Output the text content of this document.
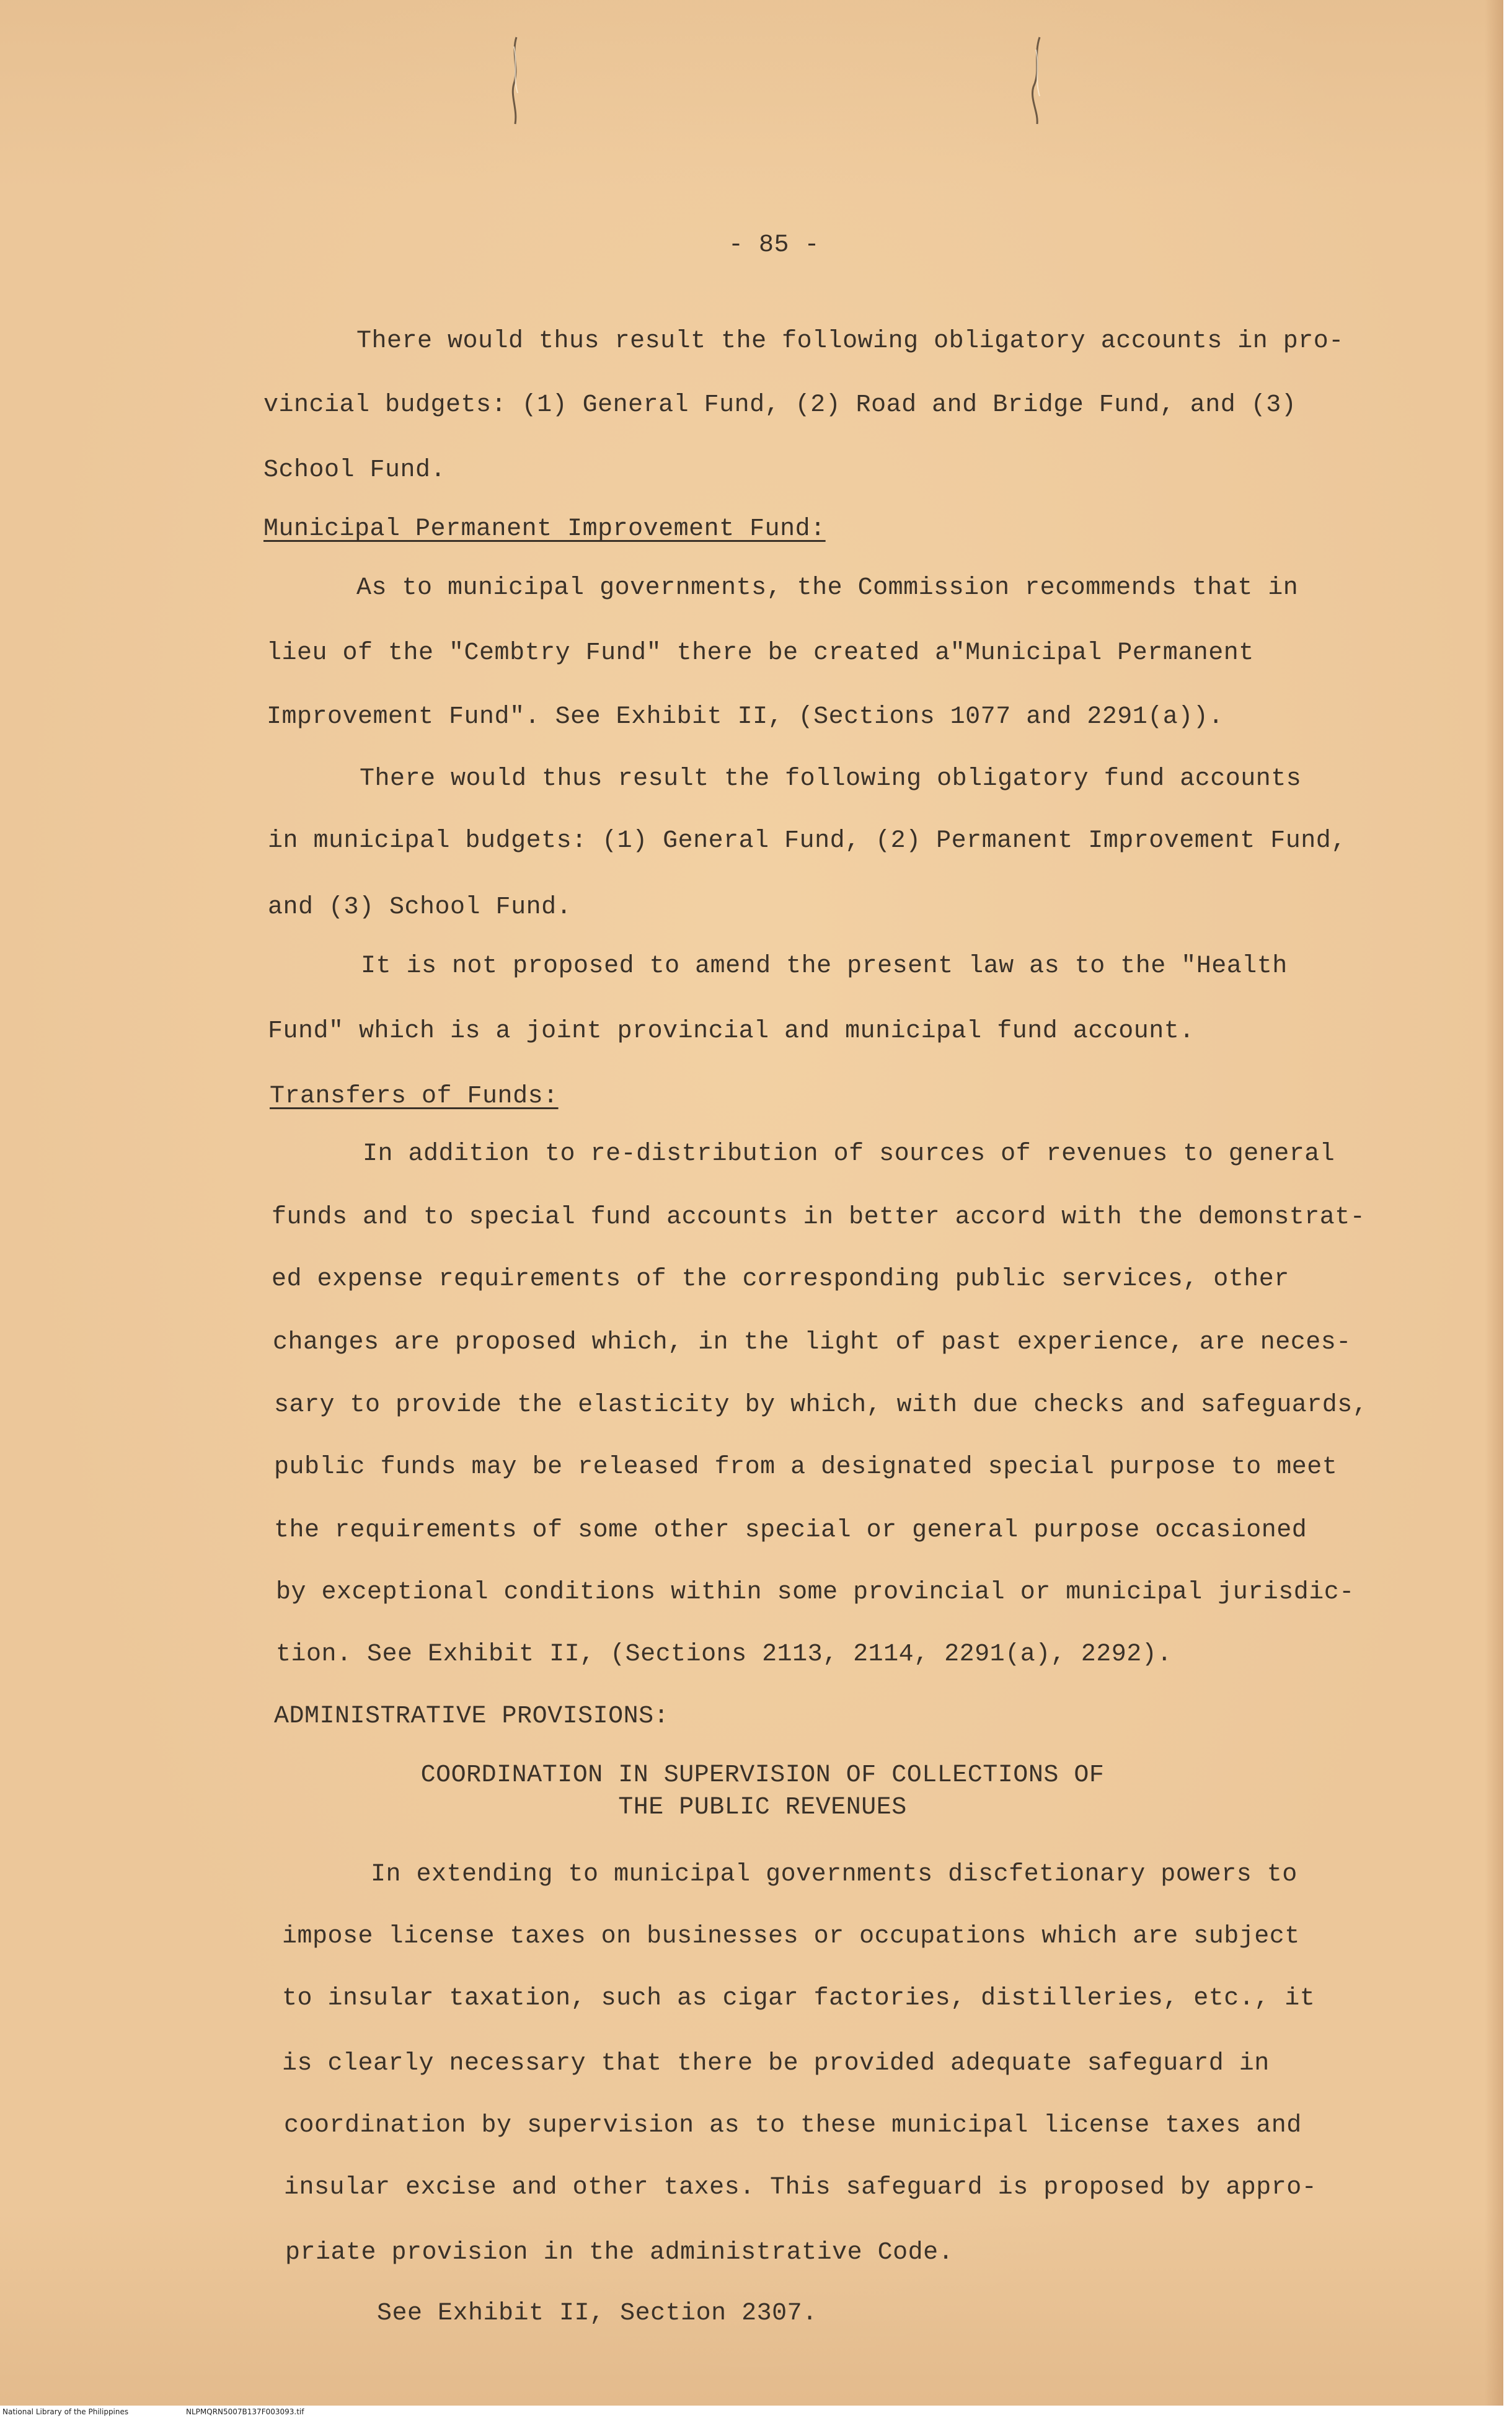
- 85 -
There would thus result the following obligatory accounts in pro-
vincial budgets: (1) General Fund, (2) Road and Bridge Fund, and (3)
School Fund.
Municipal Permanent Improvement Fund:
As to municipal governments, the Commission recommends that in
lieu of the "Cembtry Fund" there be created a"Municipal Permanent
Improvement Fund". See Exhibit II, (Sections 1077 and 2291(a)).
There would thus result the following obligatory fund accounts
in municipal budgets: (1) General Fund, (2) Permanent Improvement Fund,
and (3) School Fund.
It is not proposed to amend the present law as to the "Health
Fund" which is a joint provincial and municipal fund account.
Transfers of Funds:
In addition to re-distribution of sources of revenues to general
funds and to special fund accounts in better accord with the demonstrat-
ed expense requirements of the corresponding public services, other
changes are proposed which, in the light of past experience, are neces-
sary to provide the elasticity by which, with due checks and safeguards,
public funds may be released from a designated special purpose to meet
the requirements of some other special or general purpose occasioned
by exceptional conditions within some provincial or municipal jurisdic-
tion. See Exhibit II, (Sections 2113, 2114, 2291(a), 2292).
ADMINISTRATIVE PROVISIONS:
COORDINATION IN SUPERVISION OF COLLECTIONS OF
THE PUBLIC REVENUES
In extending to municipal governments discfetionary powers to
impose license taxes on businesses or occupations which are subject
to insular taxation, such as cigar factories, distilleries, etc., it
is clearly necessary that there be provided adequate safeguard in
coordination by supervision as to these municipal license taxes and
insular excise and other taxes. This safeguard is proposed by appro-
priate provision in the administrative Code.
See Exhibit II, Section 2307.
National Library of the Philippines	NLPMQRN5007B137F003093.tif
